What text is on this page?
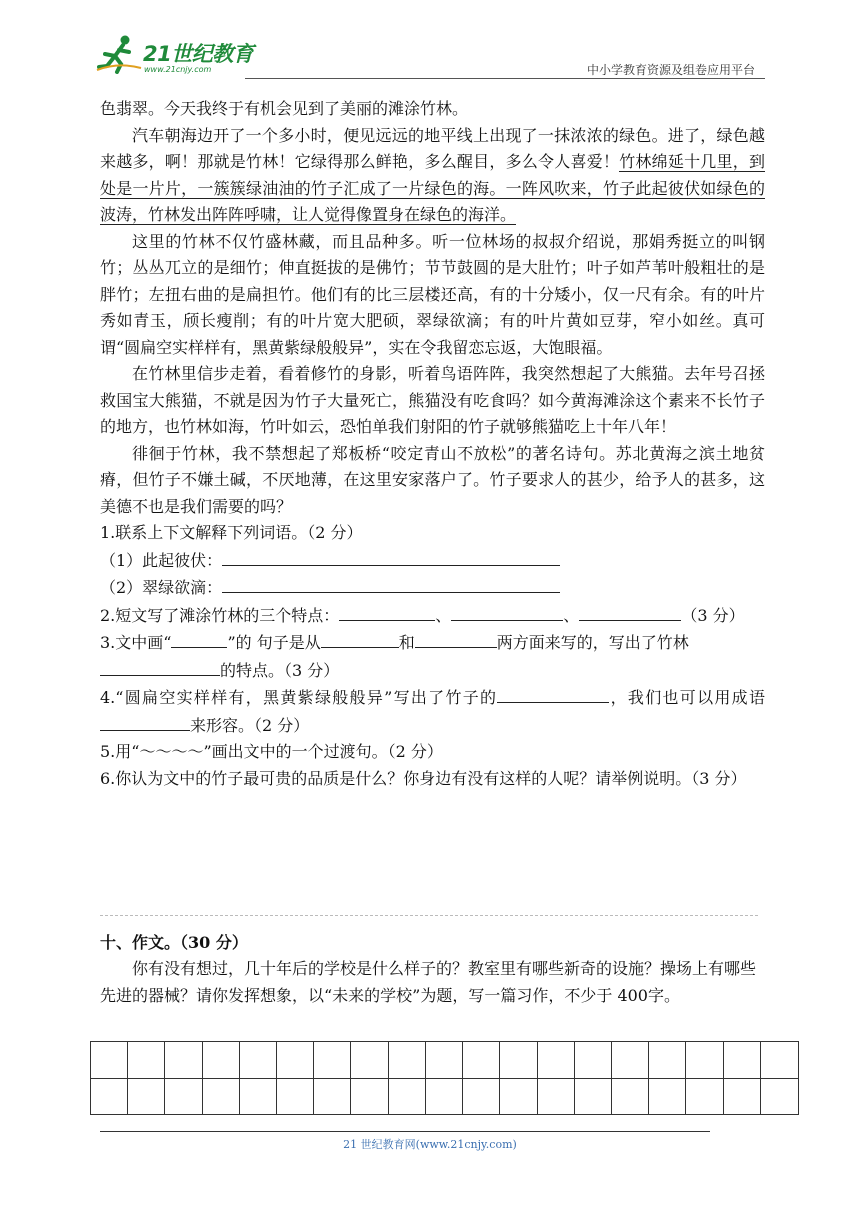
21世纪教育
www.21cnjy.com	中小学教育资源及组卷应用平台

色翡翠。今天我终于有机会见到了美丽的滩涂竹林。

汽车朝海边开了一个多小时，便见远远的地平线上出现了一抹浓浓的绿色。进了，绿色越来越多，啊！那就是竹林！它绿得那么鲜艳，多么醒目，多么令人喜爱！竹林绵延十几里，到处是一片片，一簇簇绿油油的竹子汇成了一片绿色的海。一阵风吹来，竹子此起彼伏如绿色的波涛，竹林发出阵阵呼啸，让人觉得像置身在绿色的海洋。

这里的竹林不仅竹盛林藏，而且品种多。听一位林场的叔叔介绍说，那娟秀挺立的叫钢竹；丛丛兀立的是细竹；伸直挺拔的是佛竹；节节鼓圆的是大肚竹；叶子如芦苇叶般粗壮的是胖竹；左扭右曲的是扁担竹。他们有的比三层楼还高，有的十分矮小，仅一尺有余。有的叶片秀如青玉，颀长瘦削；有的叶片宽大肥硕，翠绿欲滴；有的叶片黄如豆芽，窄小如丝。真可谓“圆扁空实样样有，黑黄紫绿般般异”，实在令我留恋忘返，大饱眼福。

在竹林里信步走着，看着修竹的身影，听着鸟语阵阵，我突然想起了大熊猫。去年号召拯救国宝大熊猫，不就是因为竹子大量死亡，熊猫没有吃食吗？如今黄海滩涂这个素来不长竹子的地方，也竹林如海，竹叶如云，恐怕单我们射阳的竹子就够熊猫吃上十年八年！

徘徊于竹林，我不禁想起了郑板桥“咬定青山不放松”的著名诗句。苏北黄海之滨土地贫瘠，但竹子不嫌土碱，不厌地薄，在这里安家落户了。竹子要求人的甚少，给予人的甚多，这美德不也是我们需要的吗？

1.联系上下文解释下列词语。（2 分）

（1）此起彼伏：

（2）翠绿欲滴：

2.短文写了滩涂竹林的三个特点：	、	、	（3 分）

3.文中画“	”的 句子是从	和	两方面来写的，写出了竹林
的特点。（3 分）

4.“圆扁空实样样有，黑黄紫绿般般异”写出了竹子的	，我们也可以用成语来形容。（2 分）

5.用“～～～～”画出文中的一个过渡句。（2 分）

6.你认为文中的竹子最可贵的品质是什么？你身边有没有这样的人呢？请举例说明。（3 分）

十、作文。（30 分）

你有没有想过，几十年后的学校是什么样子的？教室里有哪些新奇的设施？操场上有哪些先进的器械？请你发挥想象，以“未来的学校”为题，写一篇习作，不少于 400字。

21 世纪教育网(www.21cnjy.com)
